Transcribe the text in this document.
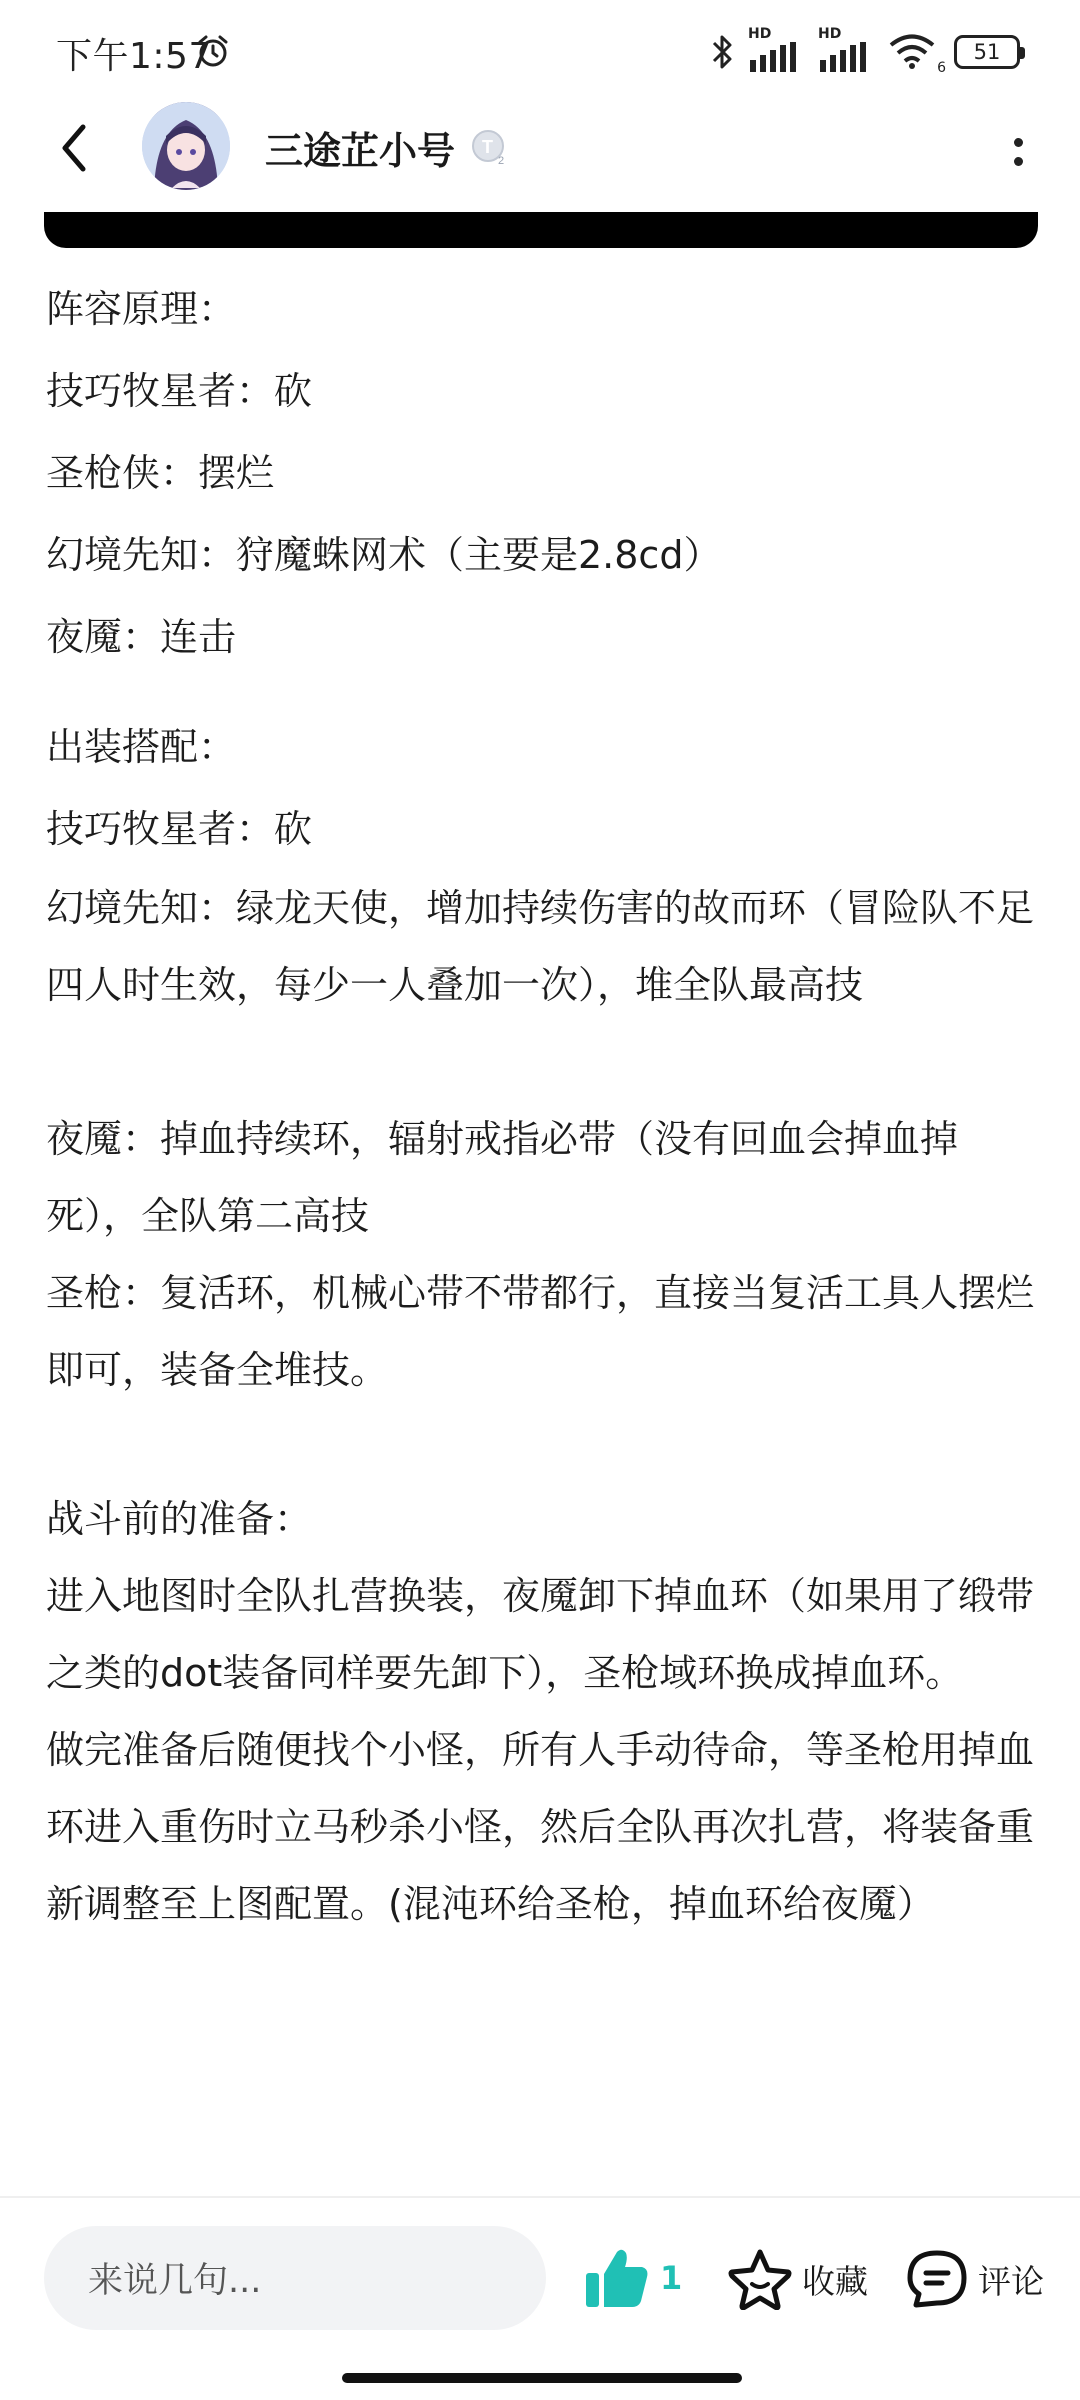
下午1:57
HD	HD
6
51
三途芷小号 T
2

阵容原理：

技巧牧星者：砍

圣枪侠：摆烂

幻境先知：狩魔蛛网术（主要是2.8cd）

夜魇：连击

出装搭配：

技巧牧星者：砍

幻境先知：绿龙天使，增加持续伤害的故而环（冒险队不足四人时生效，每少一人叠加一次），堆全队最高技

夜魇：掉血持续环，辐射戒指必带（没有回血会掉血掉死），全队第二高技

圣枪：复活环，机械心带不带都行，直接当复活工具人摆烂即可，装备全堆技。

战斗前的准备：

进入地图时全队扎营换装，夜魇卸下掉血环（如果用了缎带之类的dot装备同样要先卸下），圣枪域环换成掉血环。

做完准备后随便找个小怪，所有人手动待命，等圣枪用掉血环进入重伤时立马秒杀小怪，然后全队再次扎营，将装备重新调整至上图配置。(混沌环给圣枪，掉血环给夜魇）

来说几句...	1	收藏	评论
